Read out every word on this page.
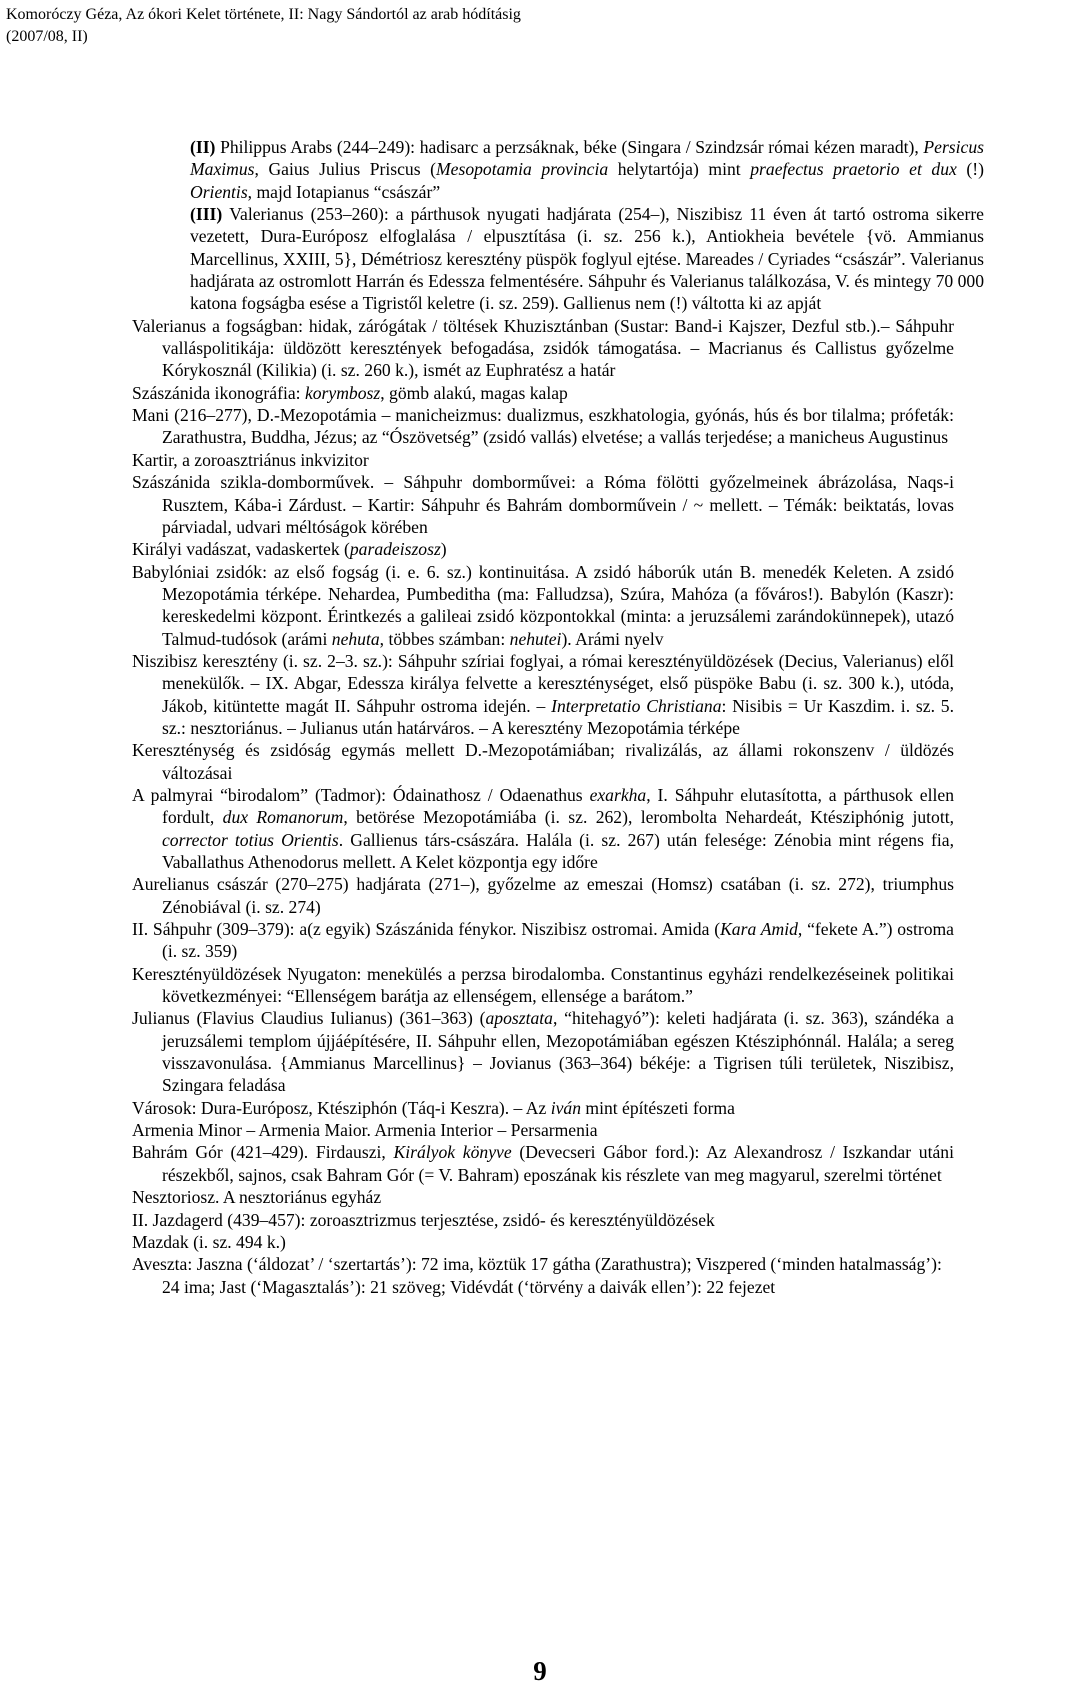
Komoróczy Géza, Az ókori Kelet története, II: Nagy Sándortól az arab hódításig
(2007/08, II)

(II) Philippus Arabs (244–249): hadisarc a perzsáknak, béke (Singara / Szindzsár római kézen maradt), Persicus Maximus, Gaius Julius Priscus (Mesopotamia provincia helytartója) mint praefectus praetorio et dux (!) Orientis, majd Iotapianus “császár”

(III) Valerianus (253–260): a párthusok nyugati hadjárata (254–), Niszibisz 11 éven át tartó ostroma sikerre vezetett, Dura-Európosz elfoglalása / elpusztítása (i. sz. 256 k.), Antiokheia bevétele {vö. Ammianus Marcellinus, XXIII, 5}, Démétriosz keresztény püspök foglyul ejtése. Mareades / Cyriades “császár”. Valerianus hadjárata az ostromlott Harrán és Edessza felmentésére. Sáhpuhr és Valerianus találkozása, V. és mintegy 70 000 katona fogságba esése a Tigristől keletre (i. sz. 259). Gallienus nem (!) váltotta ki az apját

Valerianus a fogságban: hidak, zárógátak / töltések Khuzisztánban (Sustar: Band-i Kajszer, Dezful stb.).– Sáhpuhr valláspolitikája: üldözött keresztények befogadása, zsidók támogatása. – Macrianus és Callistus győzelme Kórykosznál (Kilikia) (i. sz. 260 k.), ismét az Euphratész a határ

Szászánida ikonográfia: korymbosz, gömb alakú, magas kalap

Mani (216–277), D.-Mezopotámia – manicheizmus: dualizmus, eszkhatologia, gyónás, hús és bor tilalma; prófeták: Zarathustra, Buddha, Jézus; az “Ószövetség” (zsidó vallás) elvetése; a vallás terjedése; a manicheus Augustinus

Kartir, a zoroasztriánus inkvizitor

Szászánida szikla-domborművek. – Sáhpuhr domborművei: a Róma fölötti győzelmeinek ábrázolása, Naqs-i Rusztem, Kába-i Zárdust. – Kartir: Sáhpuhr és Bahrám domborművein / ~ mellett. – Témák: beiktatás, lovas párviadal, udvari méltóságok körében

Királyi vadászat, vadaskertek (paradeiszosz)

Babylóniai zsidók: az első fogság (i. e. 6. sz.) kontinuitása. A zsidó háborúk után B. menedék Keleten. A zsidó Mezopotámia térképe. Nehardea, Pumbeditha (ma: Falludzsa), Szúra, Mahóza (a főváros!). Babylón (Kaszr): kereskedelmi központ. Érintkezés a galileai zsidó központokkal (minta: a jeruzsálemi zarándokünnepek), utazó Talmud-tudósok (arámi nehuta, többes számban: nehutei). Arámi nyelv

Niszibisz keresztény (i. sz. 2–3. sz.): Sáhpuhr szíriai foglyai, a római keresztényüldözések (Decius, Valerianus) elől menekülők. – IX. Abgar, Edessza királya felvette a kereszténységet, első püspöke Babu (i. sz. 300 k.), utóda, Jákob, kitüntette magát II. Sáhpuhr ostroma idején. – Interpretatio Christiana: Nisibis = Ur Kaszdim. i. sz. 5. sz.: nesztoriánus. – Julianus után határváros. – A keresztény Mezopotámia térképe

Kereszténység és zsidóság egymás mellett D.-Mezopotámiában; rivalizálás, az állami rokonszenv / üldözés változásai

A palmyrai “birodalom” (Tadmor): Ódainathosz / Odaenathus exarkha, I. Sáhpuhr elutasította, a párthusok ellen fordult, dux Romanorum, betörése Mezopotámiába (i. sz. 262), lerombolta Nehardeát, Ktésziphónig jutott, corrector totius Orientis. Gallienus társ-császára. Halála (i. sz. 267) után felesége: Zénobia mint régens fia, Vaballathus Athenodorus mellett. A Kelet központja egy időre

Aurelianus császár (270–275) hadjárata (271–), győzelme az emeszai (Homsz) csatában (i. sz. 272), triumphus Zénobiával (i. sz. 274)

II. Sáhpuhr (309–379): a(z egyik) Szászánida fénykor. Niszibisz ostromai. Amida (Kara Amid, “fekete A.”) ostroma (i. sz. 359)

Keresztényüldözések Nyugaton: menekülés a perzsa birodalomba. Constantinus egyházi rendelkezéseinek politikai következményei: “Ellenségem barátja az ellenségem, ellensége a barátom.”

Julianus (Flavius Claudius Iulianus) (361–363) (aposztata, “hitehagyó”): keleti hadjárata (i. sz. 363), szándéka a jeruzsálemi templom újjáépítésére, II. Sáhpuhr ellen, Mezopotámiában egészen Ktésziphónnál. Halála; a sereg visszavonulása. {Ammianus Marcellinus} – Jovianus (363–364) békéje: a Tigrisen túli területek, Niszibisz, Szingara feladása

Városok: Dura-Európosz, Ktésziphón (Táq-i Keszra). – Az iván mint építészeti forma

Armenia Minor – Armenia Maior. Armenia Interior – Persarmenia

Bahrám Gór (421–429). Firdauszi, Királyok könyve (Devecseri Gábor ford.): Az Alexandrosz / Iszkandar utáni részekből, sajnos, csak Bahram Gór (= V. Bahram) eposzának kis részlete van meg magyarul, szerelmi történet

Nesztoriosz. A nesztoriánus egyház

II. Jazdagerd (439–457): zoroasztrizmus terjesztése, zsidó- és keresztényüldözések

Mazdak (i. sz. 494 k.)

Aveszta: Jaszna (‘áldozat’ / ‘szertartás’): 72 ima, köztük 17 gátha (Zarathustra); Viszpered (‘minden hatalmasság’): 24 ima; Jast (‘Magasztalás’): 21 szöveg; Vidévdát (‘törvény a daivák ellen’): 22 fejezet

9
